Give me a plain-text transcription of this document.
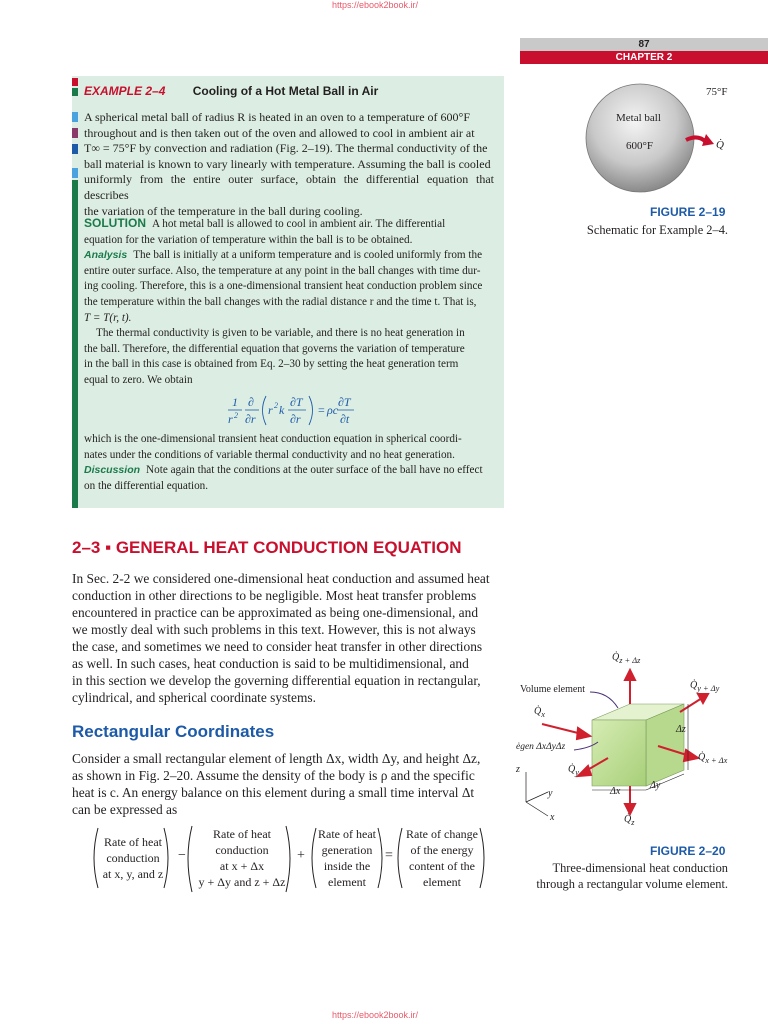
https://ebook2book.ir/
87
CHAPTER 2
EXAMPLE 2–4 Cooling of a Hot Metal Ball in Air
A spherical metal ball of radius R is heated in an oven to a temperature of 600°F
throughout and is then taken out of the oven and allowed to cool in ambient air at
T∞ = 75°F by convection and radiation (Fig. 2–19). The thermal conductivity of the
ball material is known to vary linearly with temperature. Assuming the ball is cooled
uniformly from the entire outer surface, obtain the differential equation that describes
the variation of the temperature in the ball during cooling.
SOLUTION A hot metal ball is allowed to cool in ambient air. The differential
equation for the variation of temperature within the ball is to be obtained.
Analysis The ball is initially at a uniform temperature and is cooled uniformly from the
entire outer surface. Also, the temperature at any point in the ball changes with time dur-
ing cooling. Therefore, this is a one-dimensional transient heat conduction problem since
the temperature within the ball changes with the radial distance r and the time t. That is,
T = T(r, t).
The thermal conductivity is given to be variable, and there is no heat generation in
the ball. Therefore, the differential equation that governs the variation of temperature
in the ball in this case is obtained from Eq. 2–30 by setting the heat generation term
equal to zero. We obtain
1
r 2
∂
∂r
r 2 k
∂T
∂r
= ρc
∂T
∂t
which is the one-dimensional transient heat conduction equation in spherical coordi-
nates under the conditions of variable thermal conductivity and no heat generation.
Discussion Note again that the conditions at the outer surface of the ball have no effect
on the differential equation.
Q̇
75°F
Metal ball
600°F
FIGURE 2–19
Schematic for Example 2–4.
2–3 ▪ GENERAL HEAT CONDUCTION EQUATION
In Sec. 2-2 we considered one-dimensional heat conduction and assumed heat
conduction in other directions to be negligible. Most heat transfer problems
encountered in practice can be approximated as being one-dimensional, and
we mostly deal with such problems in this text. However, this is not always
the case, and sometimes we need to consider heat transfer in other directions
as well. In such cases, heat conduction is said to be multidimensional, and
in this section we develop the governing differential equation in rectangular,
cylindrical, and spherical coordinate systems.
Rectangular Coordinates
Consider a small rectangular element of length Δx, width Δy, and height Δz,
as shown in Fig. 2–20. Assume the density of the body is ρ and the specific
heat is c. An energy balance on this element during a small time interval Δt
can be expressed as
Rate of heat
conduction
at x, y, and z
−
Rate of heat
conduction
at x + Δx
y + Δy and z + Δz
+
Rate of heat
generation
inside the
element
=
Rate of change
of the energy
content of the
element
Volume element
ėgen ΔxΔyΔz
Δx
Δy
Δz
z
y
x
$Q̇_{z + \Delta z}$
$Q̇_{y + \Delta y}$
$Q̇_x$
$Q̇_{x + \Delta x}$
$Q̇_y$
$Q̇_z$
FIGURE 2–20
Three-dimensional heat conduction
through a rectangular volume element.
https://ebook2book.ir/
